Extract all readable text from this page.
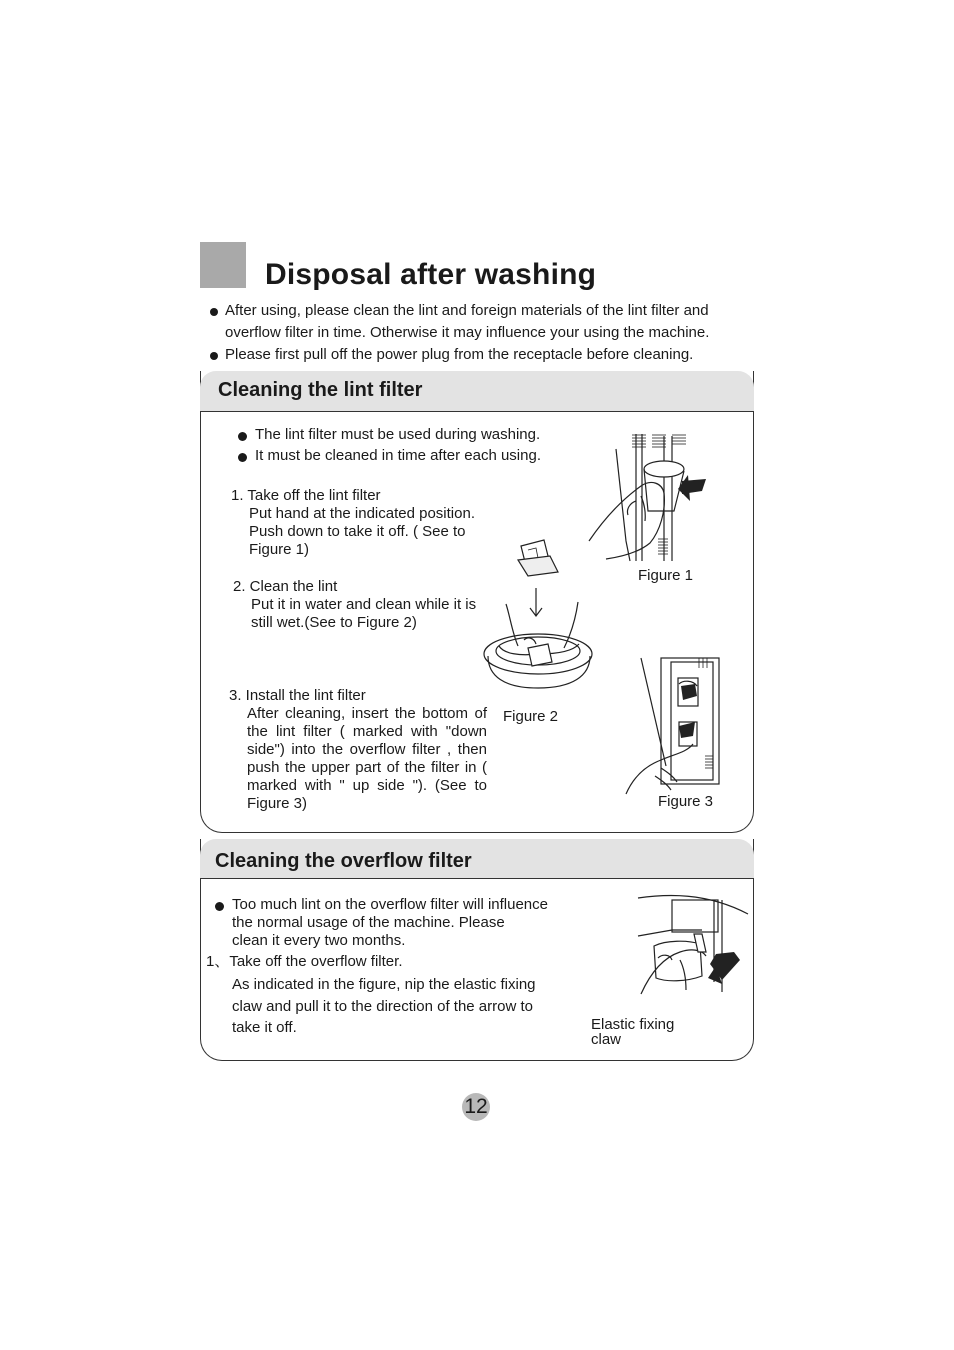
Disposal after washing
After using, please clean the lint and foreign materials of the lint filter and overflow filter in time. Otherwise it may influence your using the machine.
Please first pull off the power plug from the receptacle before cleaning.
Cleaning the lint filter
The lint filter must be used during washing.
It must be cleaned in time after each using.
1. Take off the lint filter
Put hand at the indicated position.
Push down to take it off. ( See to
Figure 1)
2. Clean the lint
Put it in water and clean while it is
still wet.(See to Figure 2)
3. Install the lint filter
After cleaning, insert the bottom of the lint filter ( marked with "down side") into the overflow filter , then push the upper part of the filter in ( marked with " up side "). (See to Figure 3)
Figure 1
Figure 2
Figure 3
Cleaning the overflow filter
Too much lint on the overflow filter will influence
the normal usage of the machine. Please
clean it every two months.
1、Take off the overflow filter.
As indicated in the figure, nip the elastic fixing
claw and pull it to the direction of the arrow to
take it off.	Elastic fixing
claw
12
